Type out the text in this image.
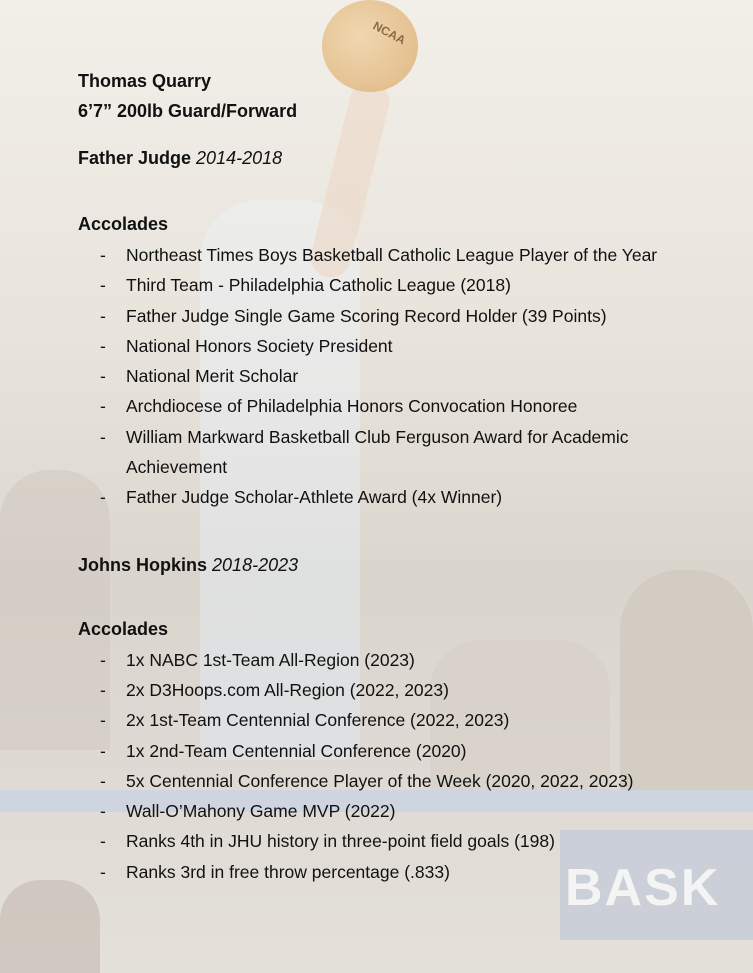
BASK
NCAA

Thomas Quarry

6’7” 200lb Guard/Forward

Father Judge 2014-2018

Accolades

- Northeast Times Boys Basketball Catholic League Player of the Year
- Third Team - Philadelphia Catholic League (2018)
- Father Judge Single Game Scoring Record Holder (39 Points)
- National Honors Society President
- National Merit Scholar
- Archdiocese of Philadelphia Honors Convocation Honoree
- William Markward Basketball Club Ferguson Award for Academic Achievement
- Father Judge Scholar-Athlete Award (4x Winner)

Johns Hopkins 2018-2023

Accolades

- 1x NABC 1st-Team All-Region (2023)
- 2x D3Hoops.com All-Region (2022, 2023)
- 2x 1st-Team Centennial Conference (2022, 2023)
- 1x 2nd-Team Centennial Conference (2020)
- 5x Centennial Conference Player of the Week (2020, 2022, 2023)
- Wall-O’Mahony Game MVP (2022)
- Ranks 4th in JHU history in three-point field goals (198)
- Ranks 3rd in free throw percentage (.833)
